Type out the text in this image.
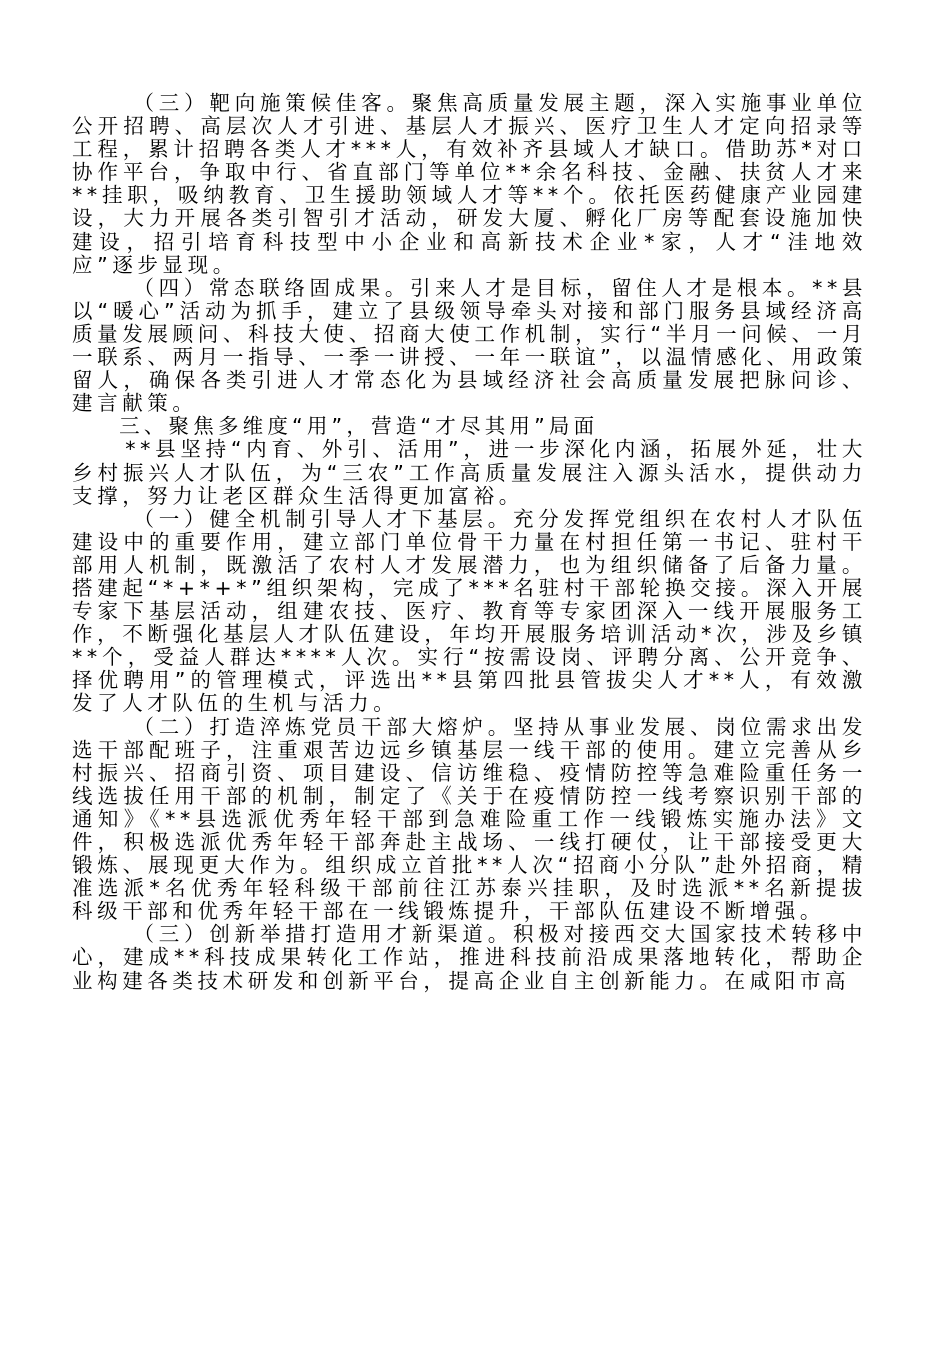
（三）靶向施策候佳客。聚焦高质量发展主题，深入实施事业单位公开招聘、高层次人才引进、基层人才振兴、医疗卫生人才定向招录等工程，累计招聘各类人才***人，有效补齐县域人才缺口。借助苏*对口协作平台，争取中行、省直部门等单位**余名科技、金融、扶贫人才来**挂职，吸纳教育、卫生援助领域人才等**个。依托医药健康产业园建设，大力开展各类引智引才活动，研发大厦、孵化厂房等配套设施加快建设，招引培育科技型中小企业和高新技术企业*家，人才“洼地效应”逐步显现。

（四）常态联络固成果。引来人才是目标，留住人才是根本。**县以“暖心”活动为抓手，建立了县级领导牵头对接和部门服务县域经济高质量发展顾问、科技大使、招商大使工作机制，实行“半月一问候、一月一联系、两月一指导、一季一讲授、一年一联谊”，以温情感化、用政策留人，确保各类引进人才常态化为县域经济社会高质量发展把脉问诊、建言献策。

三、聚焦多维度“用”，营造“才尽其用”局面

**县坚持“内育、外引、活用”，进一步深化内涵，拓展外延，壮大乡村振兴人才队伍，为“三农”工作高质量发展注入源头活水，提供动力支撑，努力让老区群众生活得更加富裕。

（一）健全机制引导人才下基层。充分发挥党组织在农村人才队伍建设中的重要作用，建立部门单位骨干力量在村担任第一书记、驻村干部用人机制，既激活了农村人才发展潜力，也为组织储备了后备力量。搭建起“*+*+*”组织架构，完成了***名驻村干部轮换交接。深入开展专家下基层活动，组建农技、医疗、教育等专家团深入一线开展服务工作，不断强化基层人才队伍建设，年均开展服务培训活动*次，涉及乡镇**个，受益人群达****人次。实行“按需设岗、评聘分离、公开竞争、择优聘用”的管理模式，评选出**县第四批县管拔尖人才**人，有效激发了人才队伍的生机与活力。

（二）打造淬炼党员干部大熔炉。坚持从事业发展、岗位需求出发选干部配班子，注重艰苦边远乡镇基层一线干部的使用。建立完善从乡村振兴、招商引资、项目建设、信访维稳、疫情防控等急难险重任务一线选拔任用干部的机制，制定了《关于在疫情防控一线考察识别干部的通知》《**县选派优秀年轻干部到急难险重工作一线锻炼实施办法》文件，积极选派优秀年轻干部奔赴主战场、一线打硬仗，让干部接受更大锻炼、展现更大作为。组织成立首批**人次“招商小分队”赴外招商，精准选派*名优秀年轻科级干部前往江苏泰兴挂职，及时选派**名新提拔科级干部和优秀年轻干部在一线锻炼提升，干部队伍建设不断增强。

（三）创新举措打造用才新渠道。积极对接西交大国家技术转移中心，建成**科技成果转化工作站，推进科技前沿成果落地转化，帮助企业构建各类技术研发和创新平台，提高企业自主创新能力。在咸阳市高
